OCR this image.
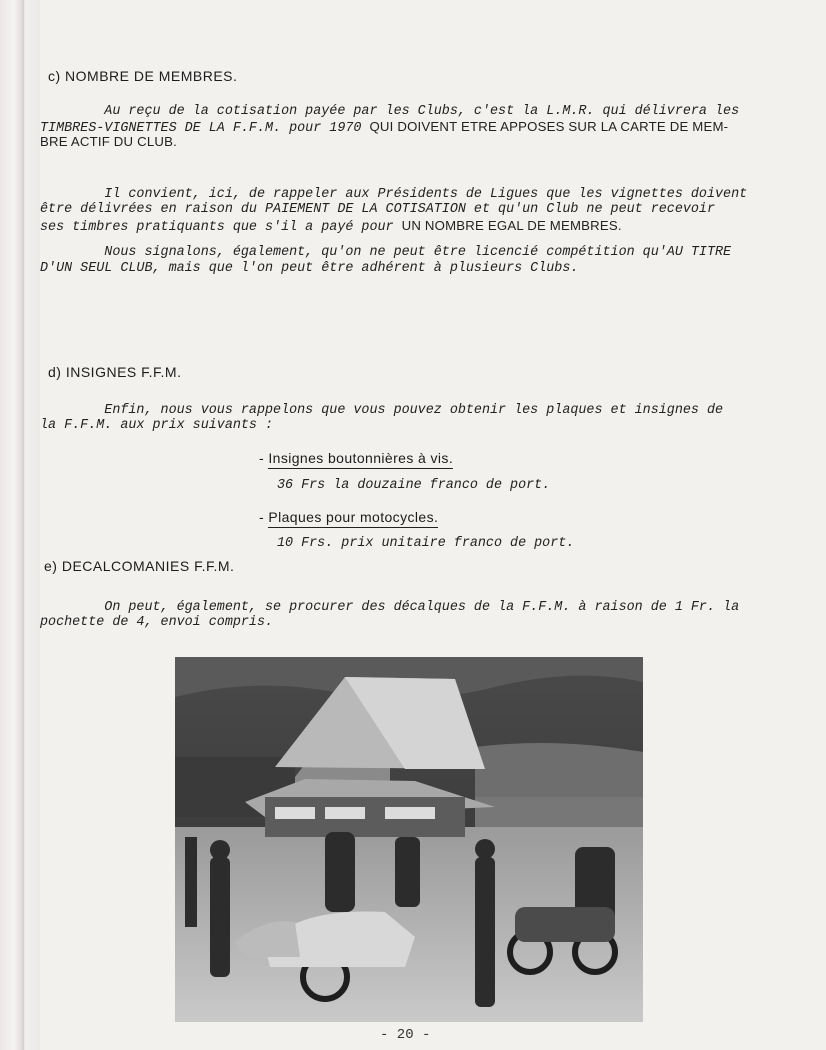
c) NOMBRE DE MEMBRES.
Au reçu de la cotisation payée par les Clubs, c'est la L.M.R. qui délivrera les
TIMBRES-VIGNETTES DE LA F.F.M. pour 1970 QUI DOIVENT ETRE APPOSES SUR LA CARTE DE MEM-
BRE ACTIF DU CLUB.
Il convient, ici, de rappeler aux Présidents de Ligues que les vignettes doivent
être délivrées en raison du PAIEMENT DE LA COTISATION et qu'un Club ne peut recevoir
ses timbres pratiquants que s'il a payé pour UN NOMBRE EGAL DE MEMBRES.
Nous signalons, également, qu'on ne peut être licencié compétition qu'AU TITRE
D'UN SEUL CLUB, mais que l'on peut être adhérent à plusieurs Clubs.
d) INSIGNES F.F.M.
Enfin, nous vous rappelons que vous pouvez obtenir les plaques et insignes de
la F.F.M. aux prix suivants :
- Insignes boutonnières à vis.
36 Frs la douzaine franco de port.
- Plaques pour motocycles.
10 Frs. prix unitaire franco de port.
e) DECALCOMANIES F.F.M.
On peut, également, se procurer des décalques de la F.F.M. à raison de 1 Fr. la
pochette de 4, envoi compris.
- 20 -
